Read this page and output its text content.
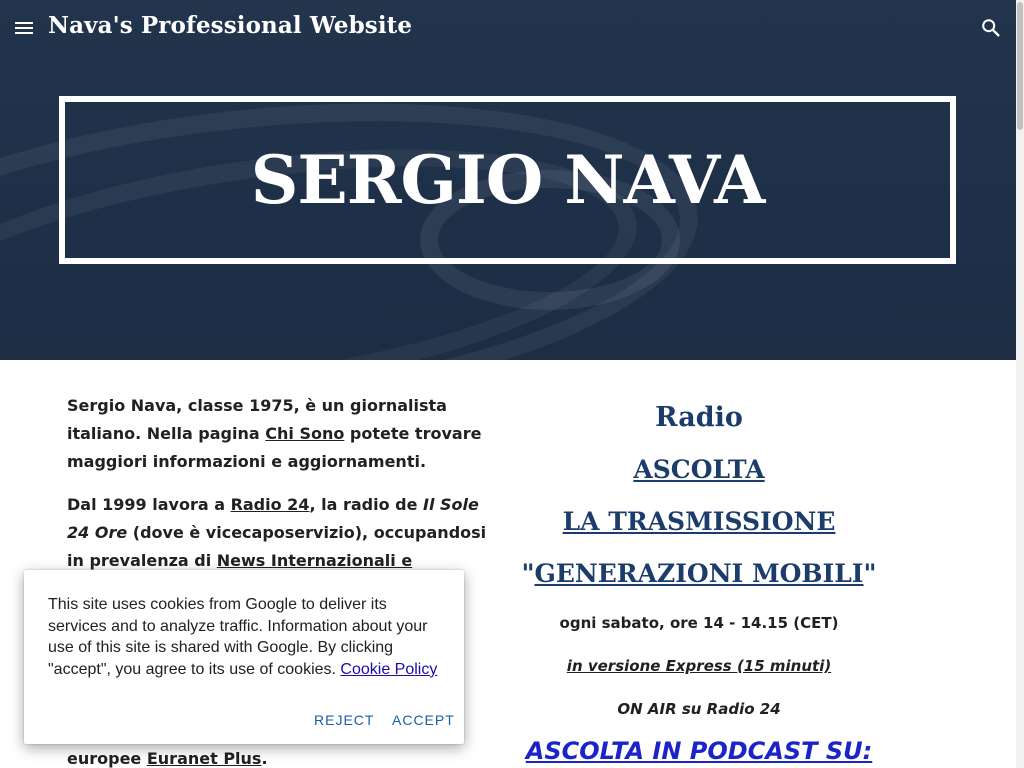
Nava's Professional Website
SERGIO NAVA

Sergio Nava, classe 1975, è un giornalista italiano. Nella pagina Chi Sono potete trovare maggiori informazioni e aggiornamenti.

Dal 1999 lavora a Radio 24, la radio de Il Sole 24 Ore (dove è vicecaposervizio), occupandosi in prevalenza di News Internazionali e

europee Euranet Plus.
Radio
ASCOLTA
LA TRASMISSIONE
"GENERAZIONI MOBILI"
ogni sabato, ore 14 - 14.15 (CET)
in versione Express (15 minuti)
ON AIR su Radio 24
ASCOLTA IN PODCAST SU:
This site uses cookies from Google to deliver its services and to analyze traffic. Information about your use of this site is shared with Google. By clicking "accept", you agree to its use of cookies. Cookie Policy
REJECT ACCEPT
